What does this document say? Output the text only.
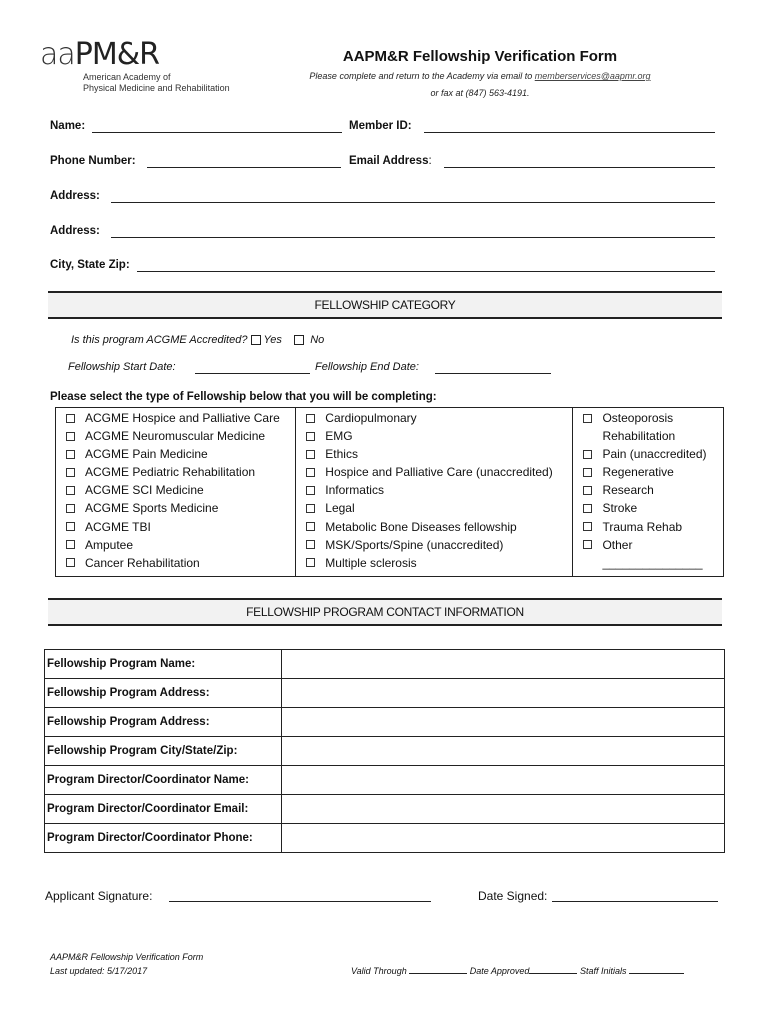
aaPM&R
American Academy of
Physical Medicine and Rehabilitation
AAPM&R Fellowship Verification Form
Please complete and return to the Academy via email to memberservices@aapmr.org
or fax at (847) 563-4191.
Name:	Member ID:
Phone Number:	Email Address:
Address:
Address:
City, State Zip:
FELLOWSHIP CATEGORY
Is this program ACGME Accredited? Yes	No
Fellowship Start Date:	Fellowship End Date:
Please select the type of Fellowship below that you will be completing:
ACGME Hospice and Palliative Care
ACGME Neuromuscular Medicine
ACGME Pain Medicine
ACGME Pediatric Rehabilitation
ACGME SCI Medicine
ACGME Sports Medicine
ACGME TBI
Amputee
Cancer Rehabilitation
Cardiopulmonary
EMG
Ethics
Hospice and Palliative Care (unaccredited)
Informatics
Legal
Metabolic Bone Diseases fellowship
MSK/Sports/Spine (unaccredited)
Multiple sclerosis
Osteoporosis
Rehabilitation
Pain (unaccredited)
Regenerative
Research
Stroke
Trauma Rehab
Other
_______________
FELLOWSHIP PROGRAM CONTACT INFORMATION
Fellowship Program Name:	
Fellowship Program Address:	
Fellowship Program Address:	
Fellowship Program City/State/Zip:	
Program Director/Coordinator Name:	
Program Director/Coordinator Email:	
Program Director/Coordinator Phone:	
Applicant Signature:	Date Signed:
AAPM&R Fellowship Verification Form
Last updated: 5/17/2017	Valid Through	Date Approved	Staff Initials
